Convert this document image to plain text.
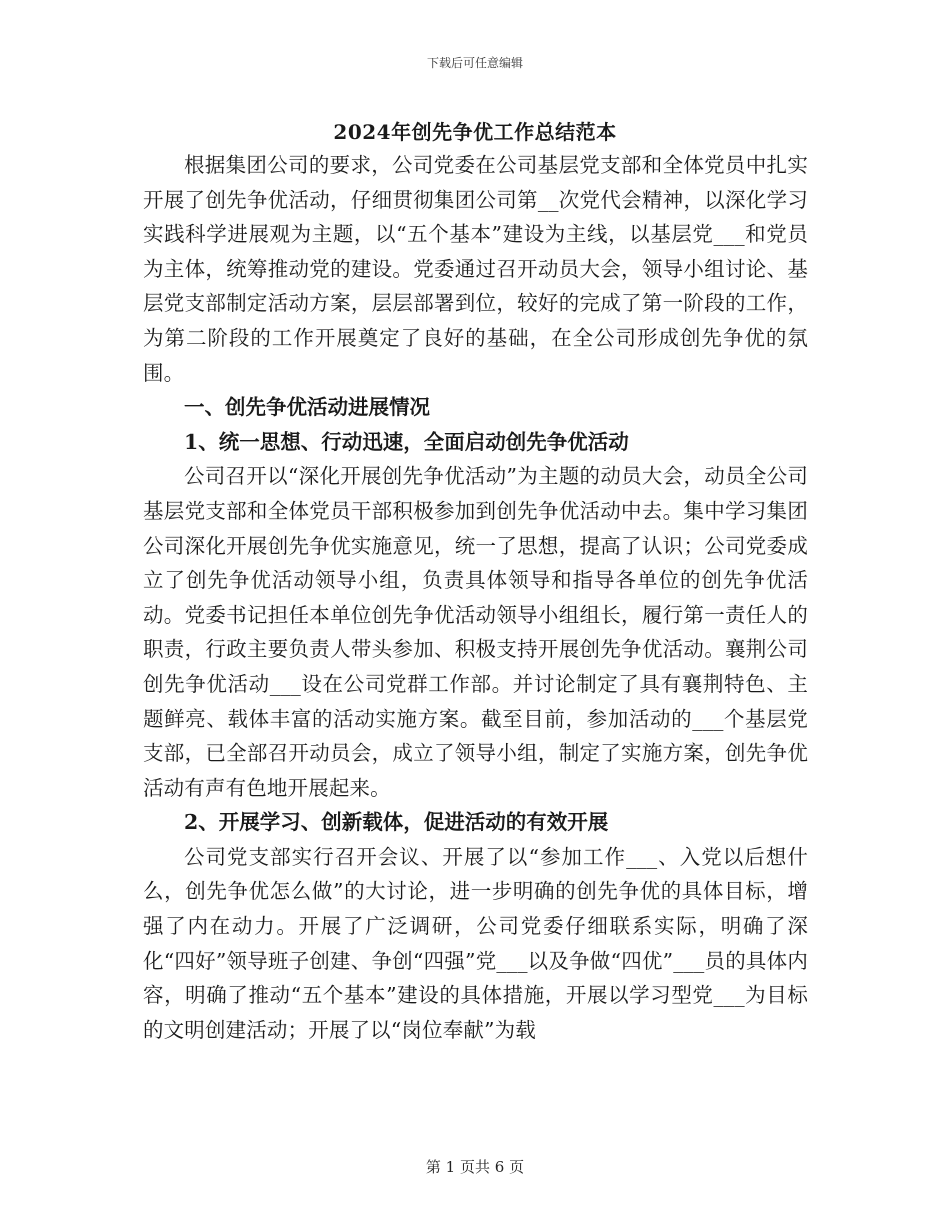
下载后可任意编辑
2024年创先争优工作总结范本

根据集团公司的要求，公司党委在公司基层党支部和全体党员中扎实开展了创先争优活动，仔细贯彻集团公司第__次党代会精神，以深化学习实践科学进展观为主题，以“五个基本”建设为主线，以基层党___和党员为主体，统筹推动党的建设。党委通过召开动员大会，领导小组讨论、基层党支部制定活动方案，层层部署到位，较好的完成了第一阶段的工作，为第二阶段的工作开展奠定了良好的基础，在全公司形成创先争优的氛围。

一、创先争优活动进展情况

1、统一思想、行动迅速，全面启动创先争优活动

公司召开以“深化开展创先争优活动”为主题的动员大会，动员全公司基层党支部和全体党员干部积极参加到创先争优活动中去。集中学习集团公司深化开展创先争优实施意见，统一了思想，提高了认识；公司党委成立了创先争优活动领导小组，负责具体领导和指导各单位的创先争优活动。党委书记担任本单位创先争优活动领导小组组长，履行第一责任人的职责，行政主要负责人带头参加、积极支持开展创先争优活动。襄荆公司创先争优活动___设在公司党群工作部。并讨论制定了具有襄荆特色、主题鲜亮、载体丰富的活动实施方案。截至目前，参加活动的___个基层党支部，已全部召开动员会，成立了领导小组，制定了实施方案，创先争优活动有声有色地开展起来。

2、开展学习、创新载体，促进活动的有效开展

公司党支部实行召开会议、开展了以“参加工作___、入党以后想什么，创先争优怎么做”的大讨论，进一步明确的创先争优的具体目标，增强了内在动力。开展了广泛调研，公司党委仔细联系实际，明确了深化“四好”领导班子创建、争创“四强”党___以及争做“四优”___员的具体内容，明确了推动“五个基本”建设的具体措施，开展以学习型党___为目标的文明创建活动；开展了以“岗位奉献”为载

第 1 页共 6 页
